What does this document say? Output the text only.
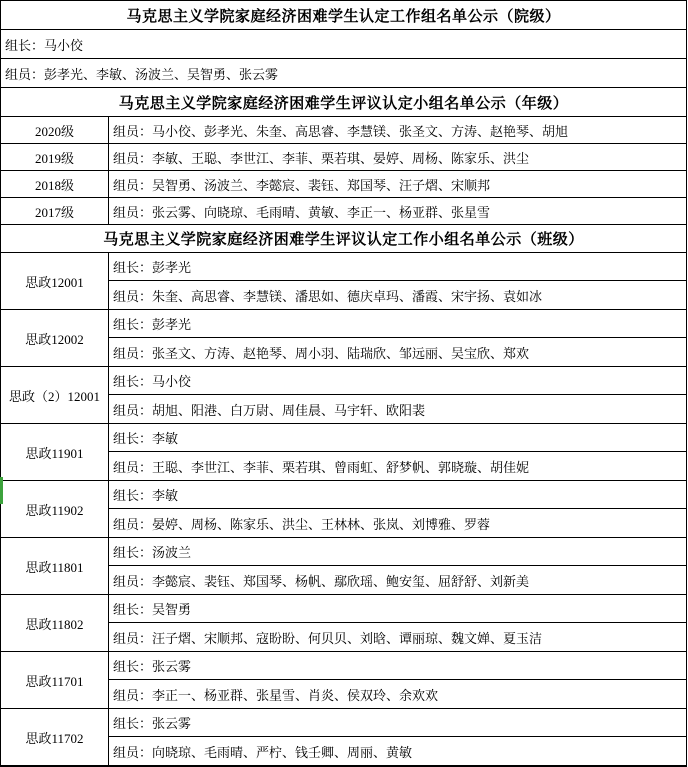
马克思主义学院家庭经济困难学生认定工作组名单公示（院级）
组长：马小佼
组员：彭孝光、李敏、汤波兰、吴智勇、张云雾
马克思主义学院家庭经济困难学生评议认定小组名单公示（年级）
2020级	组员：马小佼、彭孝光、朱奎、高思睿、李慧镁、张圣文、方涛、赵艳琴、胡旭
2019级	组员：李敏、王聪、李世江、李菲、栗若琪、晏婷、周杨、陈家乐、洪尘
2018级	组员：吴智勇、汤波兰、李懿宸、裴钰、郑国琴、汪子熠、宋顺邦
2017级	组员：张云雾、向晓琼、毛雨晴、黄敏、李正一、杨亚群、张星雪
马克思主义学院家庭经济困难学生评议认定工作小组名单公示（班级）
思政12001
组长：彭孝光
组员：朱奎、高思睿、李慧镁、潘思如、德庆卓玛、潘霞、宋宇扬、袁如冰
思政12002
组长：彭孝光
组员：张圣文、方涛、赵艳琴、周小羽、陆瑞欣、邹远丽、吴宝欣、郑欢
思政（2）12001
组长：马小佼
组员：胡旭、阳港、白万尉、周佳晨、马宇轩、欧阳裴
思政11901
组长：李敏
组员：王聪、李世江、李菲、栗若琪、曾雨虹、舒梦帆、郭晓璇、胡佳妮
思政11902
组长：李敏
组员：晏婷、周杨、陈家乐、洪尘、王林林、张岚、刘博雅、罗蓉
思政11801
组长：汤波兰
组员：李懿宸、裴钰、郑国琴、杨帆、鄢欣瑶、鲍安玺、屈舒舒、刘新美
思政11802
组长：吴智勇
组员：汪子熠、宋顺邦、寇盼盼、何贝贝、刘晗、谭丽琼、魏文婵、夏玉洁
思政11701
组长：张云雾
组员：李正一、杨亚群、张星雪、肖炎、侯双玲、余欢欢
思政11702
组长：张云雾
组员：向晓琼、毛雨晴、严柠、钱壬卿、周丽、黄敏
